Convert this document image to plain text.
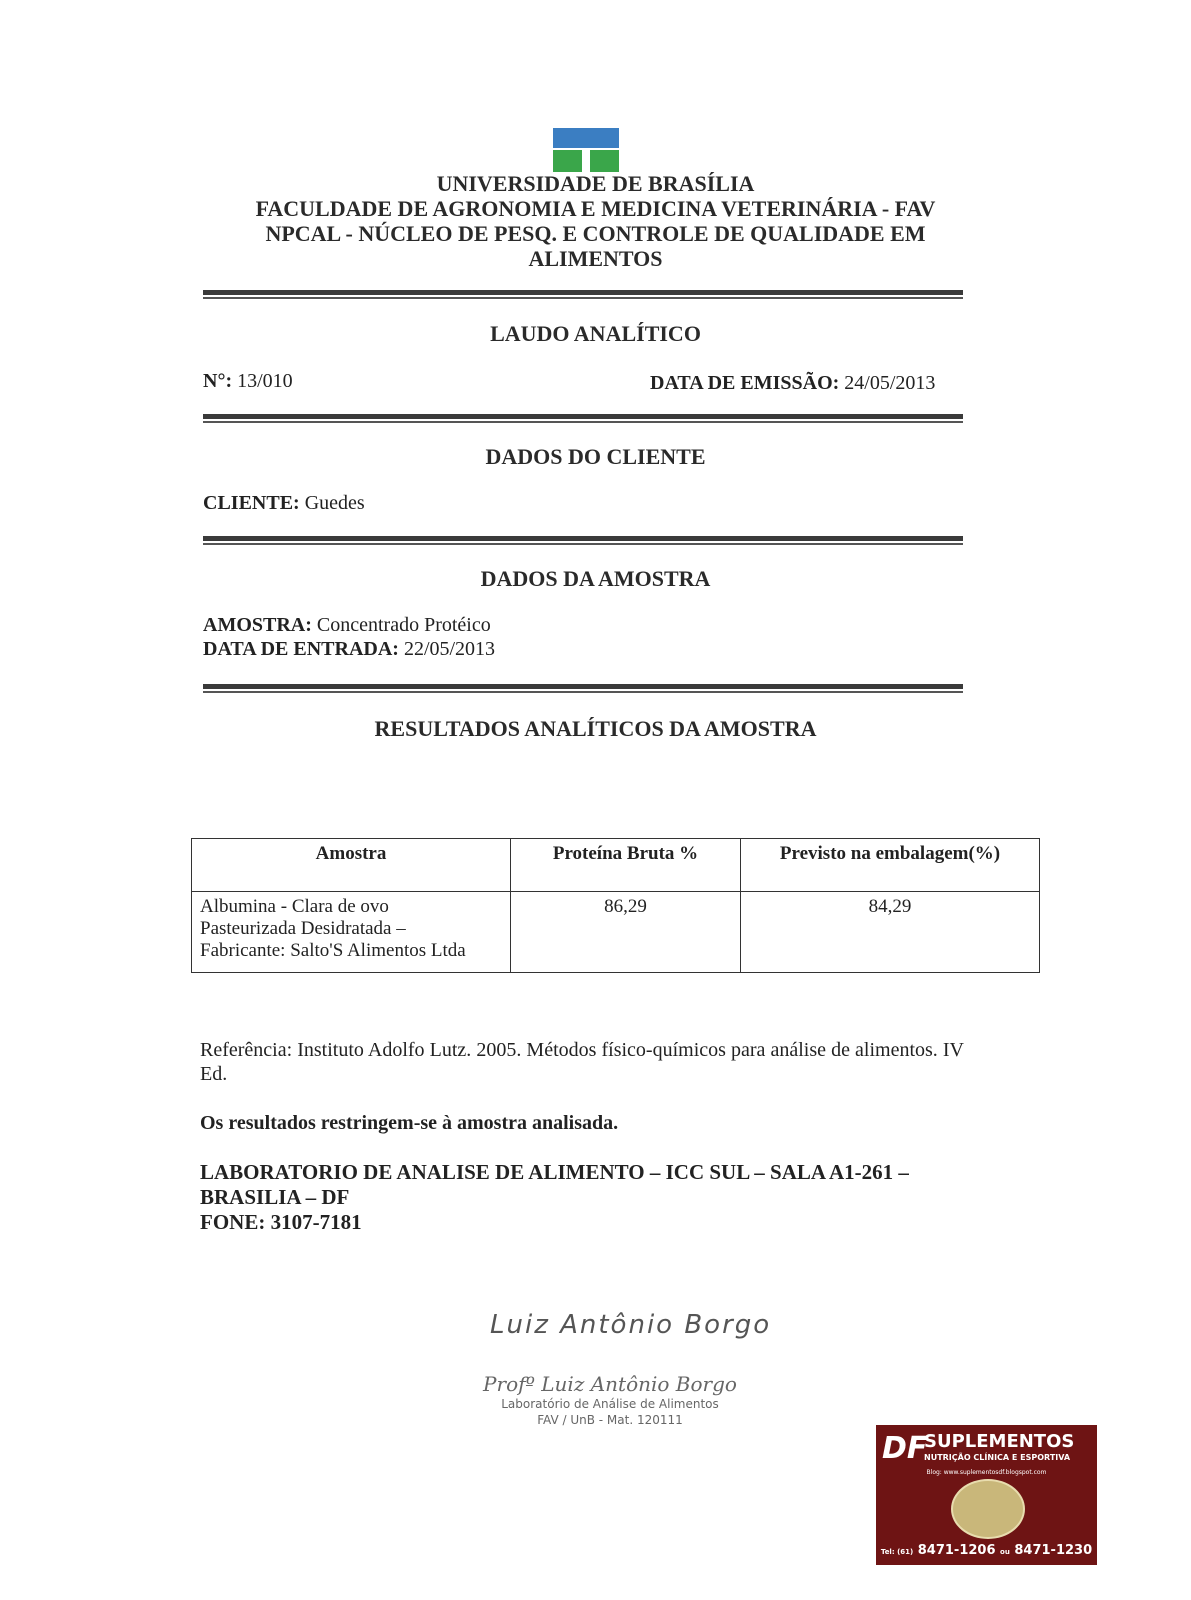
UNIVERSIDADE DE BRASÍLIA
FACULDADE DE AGRONOMIA E MEDICINA VETERINÁRIA - FAV
NPCAL - NÚCLEO DE PESQ. E CONTROLE DE QUALIDADE EM
ALIMENTOS
LAUDO ANALÍTICO
N°: 13/010	DATA DE EMISSÃO: 24/05/2013
DADOS DO CLIENTE
CLIENTE: Guedes
DADOS DA AMOSTRA
AMOSTRA: Concentrado Protéico
DATA DE ENTRADA: 22/05/2013
RESULTADOS ANALÍTICOS DA AMOSTRA
Amostra	Proteína Bruta %	Previsto na embalagem(%)

Albumina - Clara de ovo
Pasteurizada Desidratada –
Fabricante: Salto'S Alimentos Ltda	86,29	84,29
Referência: Instituto Adolfo Lutz. 2005. Métodos físico-químicos para análise de alimentos. IV Ed.
Os resultados restringem-se à amostra analisada.
LABORATORIO DE ANALISE DE ALIMENTO – ICC SUL – SALA A1-261 –
BRASILIA – DF
FONE: 3107-7181
Luiz Antônio Borgo
Profº Luiz Antônio Borgo
Laboratório de Análise de Alimentos
FAV / UnB - Mat. 120111
DF
SUPLEMENTOS
NUTRIÇÃO CLÍNICA E ESPORTIVA
Blog: www.suplementosdf.blogspot.com
Tel: (61) 8471-1206 ou 8471-1230
